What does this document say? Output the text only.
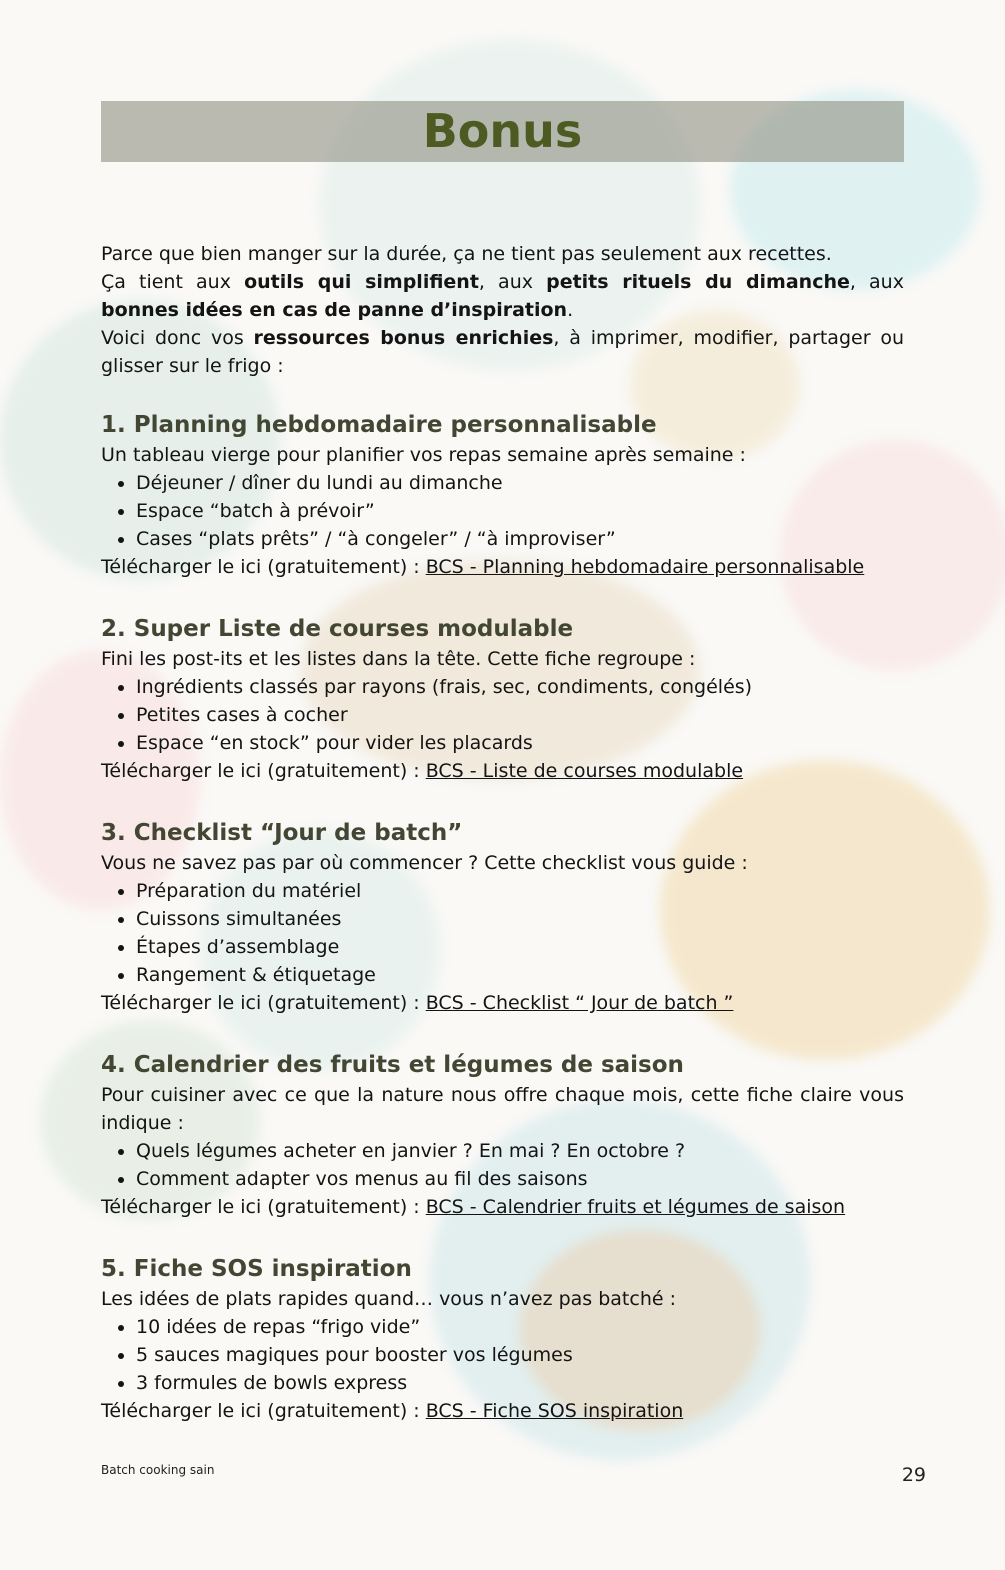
Bonus

Parce que bien manger sur la durée, ça ne tient pas seulement aux recettes.

Ça tient aux outils qui simplifient, aux petits rituels du dimanche, aux bonnes idées en cas de panne d’inspiration.

Voici donc vos ressources bonus enrichies, à imprimer, modifier, partager ou glisser sur le frigo :

1. Planning hebdomadaire personnalisable

Un tableau vierge pour planifier vos repas semaine après semaine :

• Déjeuner / dîner du lundi au dimanche
• Espace “batch à prévoir”
• Cases “plats prêts” / “à congeler” / “à improviser”

Télécharger le ici (gratuitement) : BCS - Planning hebdomadaire personnalisable

2. Super Liste de courses modulable

Fini les post-its et les listes dans la tête. Cette fiche regroupe :

• Ingrédients classés par rayons (frais, sec, condiments, congélés)
• Petites cases à cocher
• Espace “en stock” pour vider les placards

Télécharger le ici (gratuitement) : BCS - Liste de courses modulable

3. Checklist “Jour de batch”

Vous ne savez pas par où commencer ? Cette checklist vous guide :

• Préparation du matériel
• Cuissons simultanées
• Étapes d’assemblage
• Rangement & étiquetage

Télécharger le ici (gratuitement) : BCS - Checklist “ Jour de batch ”

4. Calendrier des fruits et légumes de saison

Pour cuisiner avec ce que la nature nous offre chaque mois, cette fiche claire vous indique :

• Quels légumes acheter en janvier ? En mai ? En octobre ?
• Comment adapter vos menus au fil des saisons

Télécharger le ici (gratuitement) : BCS - Calendrier fruits et légumes de saison

5. Fiche SOS inspiration

Les idées de plats rapides quand… vous n’avez pas batché :

• 10 idées de repas “frigo vide”
• 5 sauces magiques pour booster vos légumes
• 3 formules de bowls express

Télécharger le ici (gratuitement) : BCS - Fiche SOS inspiration

Batch cooking sain	29
